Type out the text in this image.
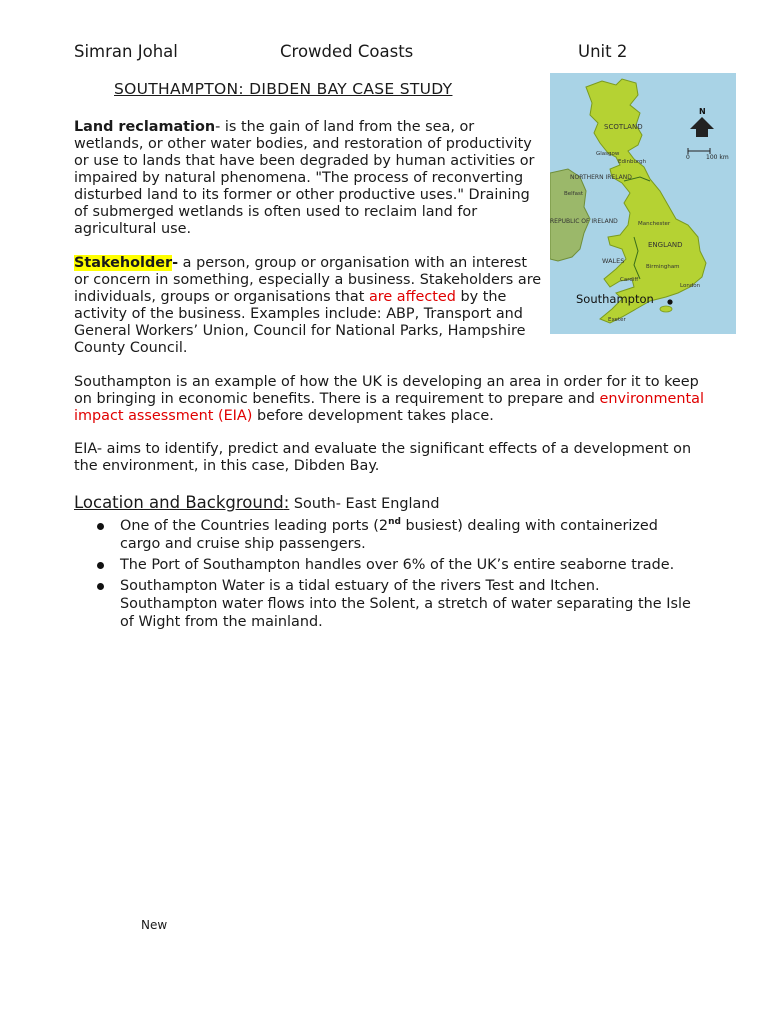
Simran Johal	Crowded Coasts	Unit 2
SOUTHAMPTON: DIBDEN BAY CASE STUDY
N
0	100 km
SCOTLAND
NORTHERN IRELAND
REPUBLIC OF IRELAND
ENGLAND
WALES
Glasgow
Edinburgh
Belfast
Manchester
Birmingham
London
Cardiff
Exeter
Southampton
Land reclamation- is the gain of land from the sea, or wetlands, or other water bodies, and restoration of productivity or use to lands that have been degraded by human activities or impaired by natural phenomena. "The process of reconverting disturbed land to its former or other productive uses." Draining of submerged wetlands is often used to reclaim land for agricultural use.
Stakeholder- a person, group or organisation with an interest or concern in something, especially a business. Stakeholders are individuals, groups or organisations that are affected by the activity of the business. Examples include: ABP, Transport and General Workers’ Union, Council for National Parks, Hampshire County Council.
Southampton is an example of how the UK is developing an area in order for it to keep on bringing in economic benefits. There is a requirement to prepare and environmental impact assessment (EIA) before development takes place.
EIA- aims to identify, predict and evaluate the significant effects of a development on the environment, in this case, Dibden Bay.
Location and Background: South- East England
One of the Countries leading ports (2nd busiest) dealing with containerized cargo and cruise ship passengers.
The Port of Southampton handles over 6% of the UK’s entire seaborne trade.
Southampton Water is a tidal estuary of the rivers Test and Itchen. Southampton water flows into the Solent, a stretch of water separating the Isle of Wight from the mainland.
New
